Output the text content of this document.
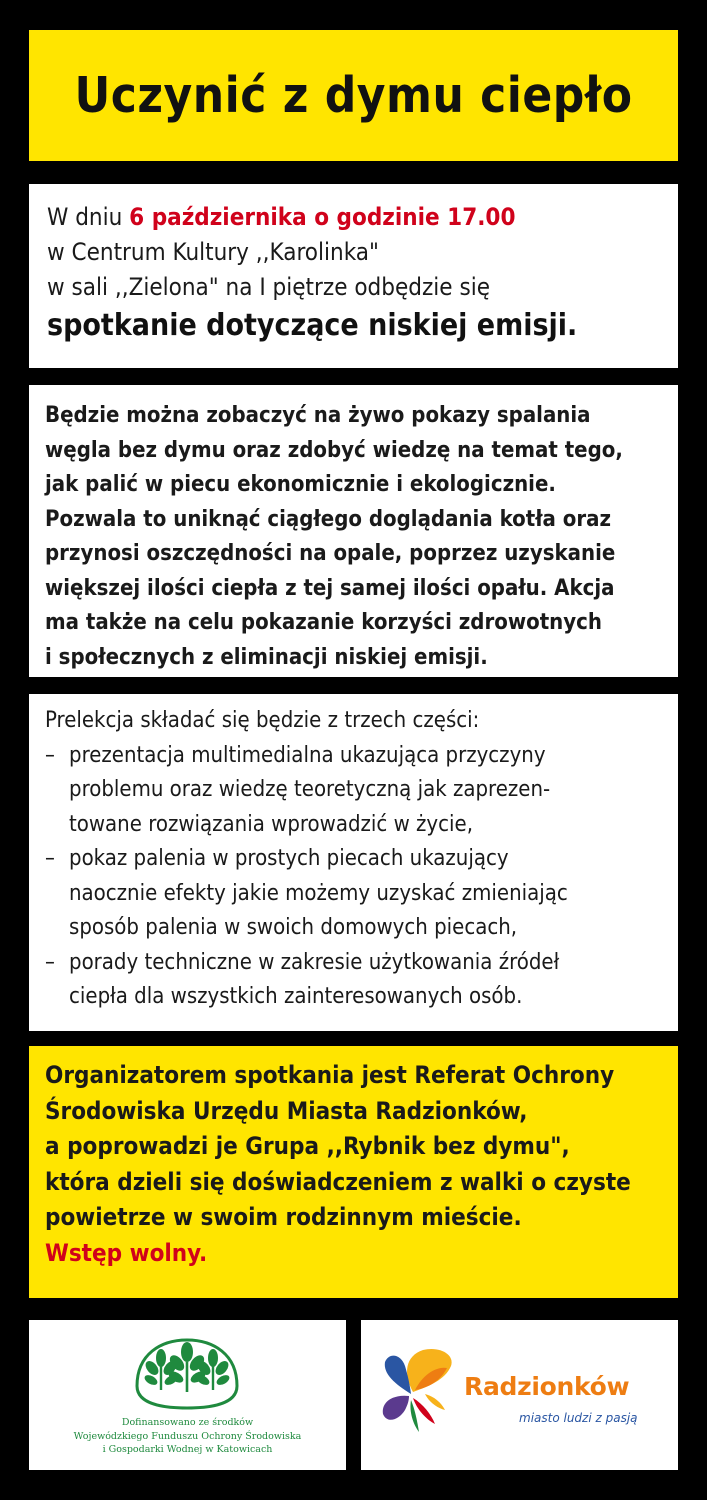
Uczynić z dymu ciepło
W dniu 6 października o godzinie 17.00
w Centrum Kultury ,,Karolinka"
w sali ,,Zielona" na I piętrze odbędzie się
spotkanie dotyczące niskiej emisji.

Będzie można zobaczyć na żywo pokazy spalania

węgla bez dymu oraz zdobyć wiedzę na temat tego,

jak palić w piecu ekonomicznie i ekologicznie.

Pozwala to uniknąć ciągłego doglądania kotła oraz

przynosi oszczędności na opale, poprzez uzyskanie

większej ilości ciepła z tej samej ilości opału. Akcja

ma także na celu pokazanie korzyści zdrowotnych

i społecznych z eliminacji niskiej emisji.

Prelekcja składać się będzie z trzech części:

– prezentacja multimedialna ukazująca przyczyny
problemu oraz wiedzę teoretyczną jak zaprezen-
towane rozwiązania wprowadzić w życie,
– pokaz palenia w prostych piecach ukazujący
naocznie efekty jakie możemy uzyskać zmieniając
sposób palenia w swoich domowych piecach,
– porady techniczne w zakresie użytkowania źródeł
ciepła dla wszystkich zainteresowanych osób.

Organizatorem spotkania jest Referat Ochrony

Środowiska Urzędu Miasta Radzionków,

a poprowadzi je Grupa ,,Rybnik bez dymu",

która dzieli się doświadczeniem z walki o czyste

powietrze w swoim rodzinnym mieście.

Wstęp wolny.
Dofinansowano ze środków
Wojewódzkiego Funduszu Ochrony Środowiska
i Gospodarki Wodnej w Katowicach
Radzionków
miasto ludzi z pasją
